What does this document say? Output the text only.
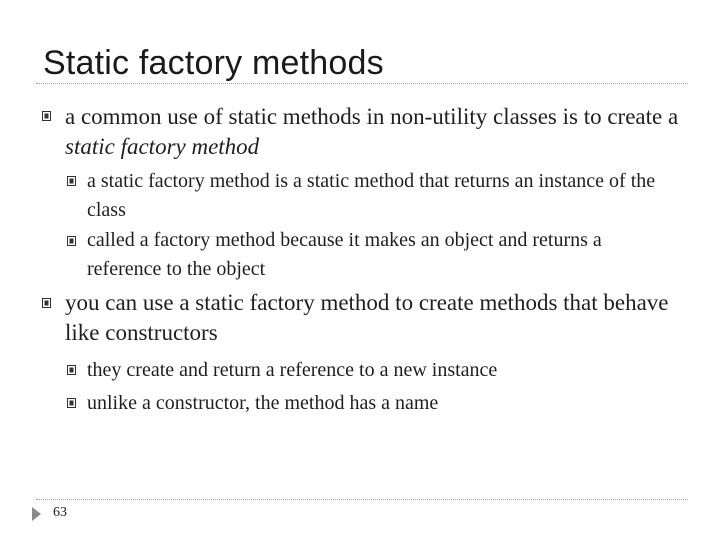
Static factory methods
a common use of static methods in non-utility classes is to create a static factory method
a static factory method is a static method that returns an instance of the class
called a factory method because it makes an object and returns a reference to the object
you can use a static factory method to create methods that behave like constructors
they create and return a reference to a new instance
unlike a constructor, the method has a name
63
